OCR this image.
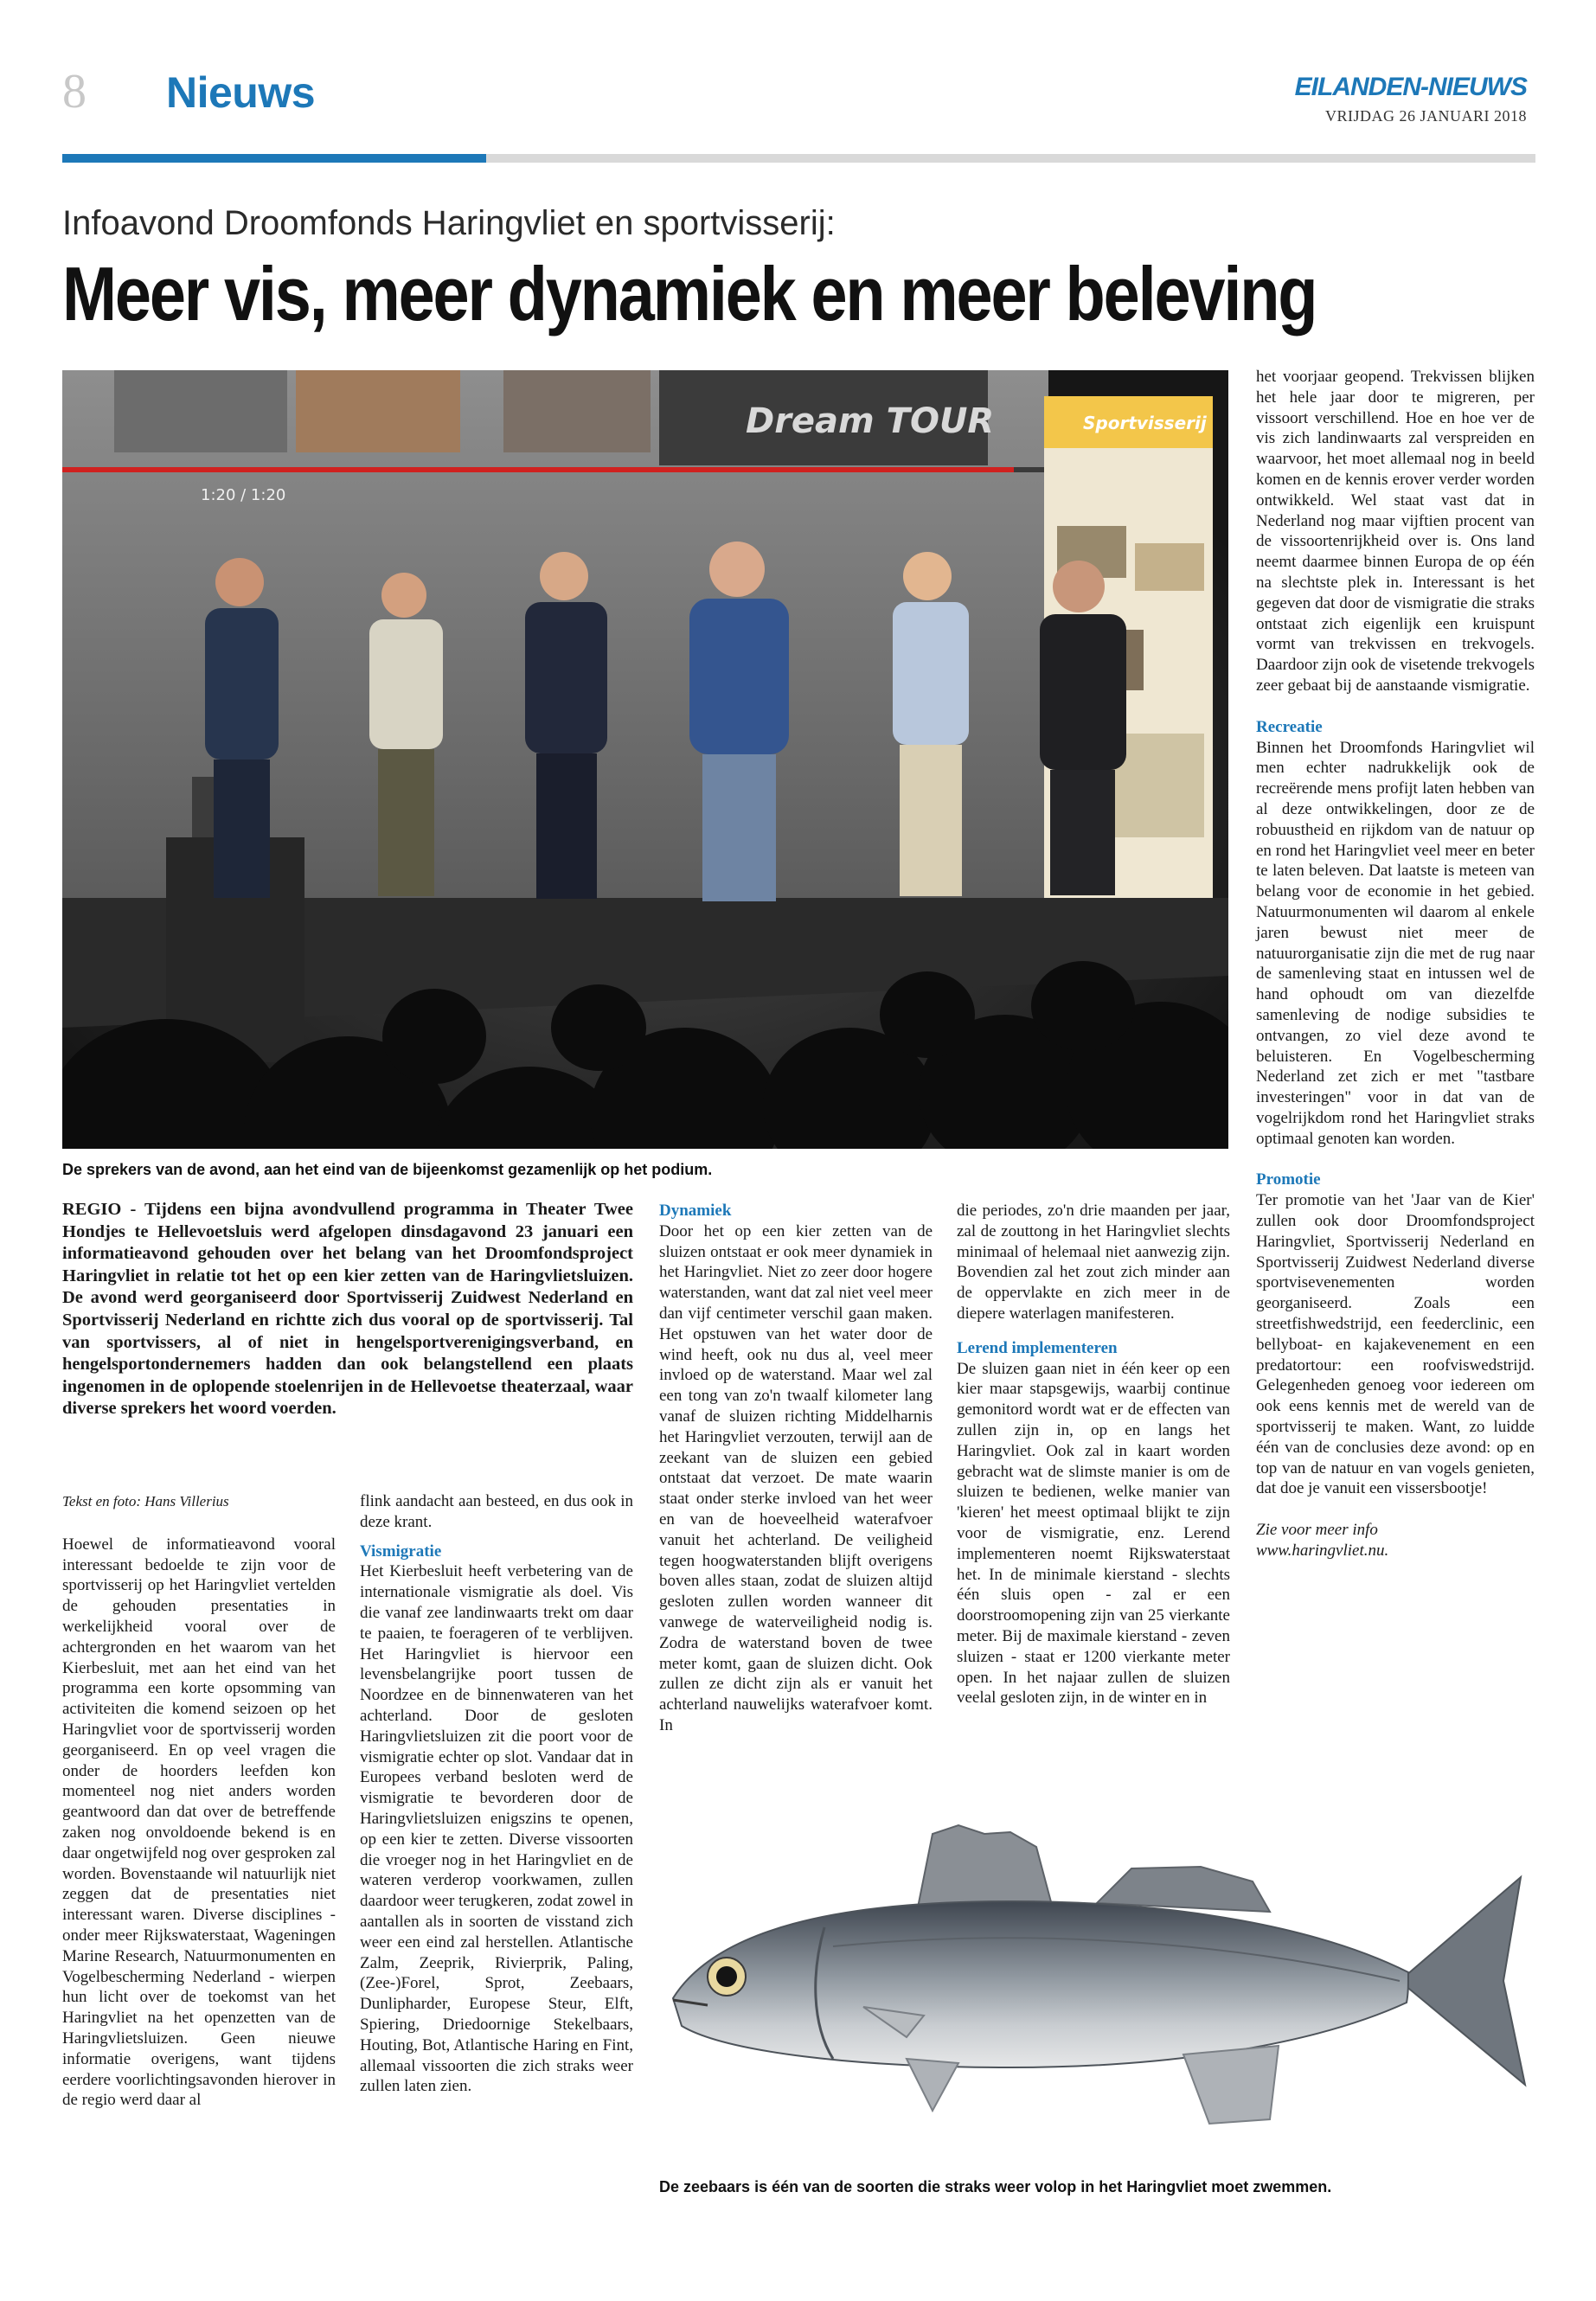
8 Nieuws	EILANDEN-NIEUWS
VRIJDAG 26 JANUARI 2018
Infoavond Droomfonds Haringvliet en sportvisserij:
Meer vis, meer dynamiek en meer beleving
Dream TOUR
1:20 / 1:20
Sportvisserij
De sprekers van de avond, aan het eind van de bijeenkomst gezamenlijk op het podium.
REGIO - Tijdens een bijna avondvullend programma in Theater Twee Hondjes te Hellevoetsluis werd afgelopen dinsdagavond 23 januari een informatieavond gehouden over het belang van het Droomfondsproject Haringvliet in relatie tot het op een kier zetten van de Haringvlietsluizen. De avond werd georganiseerd door Sportvisserij Zuidwest Nederland en Sportvisserij Nederland en richtte zich dus vooral op de sportvisserij. Tal van sportvissers, al of niet in hengelsportverenigingsverband, en hengelsportondernemers hadden dan ook belangstellend een plaats ingenomen in de oplopende stoelenrijen in de Hellevoetse theaterzaal, waar diverse sprekers het woord voerden.

Tekst en foto: Hans Villerius

Hoewel de informatieavond vooral interessant bedoelde te zijn voor de sportvisserij op het Haringvliet vertelden de gehouden presentaties in werkelijkheid vooral over de achtergronden en het waarom van het Kierbesluit, met aan het eind van het programma een korte opsomming van activiteiten die komend seizoen op het Haringvliet voor de sportvisserij worden georganiseerd. En op veel vragen die onder de hoorders leefden kon momenteel nog niet anders worden geantwoord dan dat over de betreffende zaken nog onvoldoende bekend is en daar ongetwijfeld nog over gesproken zal worden. Bovenstaande wil natuurlijk niet zeggen dat de presentaties niet interessant waren. Diverse disciplines - onder meer Rijkswaterstaat, Wageningen Marine Research, Natuurmonumenten en Vogelbescherming Nederland - wierpen hun licht over de toekomst van het Haringvliet na het openzetten van de Haringvlietsluizen. Geen nieuwe informatie overigens, want tijdens eerdere voorlichtingsavonden hierover in de regio werd daar al

flink aandacht aan besteed, en dus ook in deze krant.

Vismigratie

Het Kierbesluit heeft verbetering van de internationale vismigratie als doel. Vis die vanaf zee landinwaarts trekt om daar te paaien, te foerageren of te verblijven. Het Haringvliet is hiervoor een levensbelangrijke poort tussen de Noordzee en de binnenwateren van het achterland. Door de gesloten Haringvlietsluizen zit die poort voor de vismigratie echter op slot. Vandaar dat in Europees verband besloten werd de vismigratie te bevorderen door de Haringvlietsluizen enigszins te openen, op een kier te zetten. Diverse vissoorten die vroeger nog in het Haringvliet en de wateren verderop voorkwamen, zullen daardoor weer terugkeren, zodat zowel in aantallen als in soorten de visstand zich weer een eind zal herstellen. Atlantische Zalm, Zeeprik, Rivierprik, Paling, (Zee-)Forel, Sprot, Zeebaars, Dunlipharder, Europese Steur, Elft, Spiering, Driedoornige Stekelbaars, Houting, Bot, Atlantische Haring en Fint, allemaal vissoorten die zich straks weer zullen laten zien.

Dynamiek

Door het op een kier zetten van de sluizen ontstaat er ook meer dynamiek in het Haringvliet. Niet zo zeer door hogere waterstanden, want dat zal niet veel meer dan vijf centimeter verschil gaan maken. Het opstuwen van het water door de wind heeft, ook nu dus al, veel meer invloed op de waterstand. Maar wel zal een tong van zo'n twaalf kilometer lang vanaf de sluizen richting Middelharnis het Haringvliet verzouten, terwijl aan de zeekant van de sluizen een gebied ontstaat dat verzoet. De mate waarin staat onder sterke invloed van het weer en van de hoeveelheid waterafvoer vanuit het achterland. De veiligheid tegen hoogwaterstanden blijft overigens boven alles staan, zodat de sluizen altijd gesloten zullen worden wanneer dit vanwege de waterveiligheid nodig is. Zodra de waterstand boven de twee meter komt, gaan de sluizen dicht. Ook zullen ze dicht zijn als er vanuit het achterland nauwelijks waterafvoer komt. In

die periodes, zo'n drie maanden per jaar, zal de zouttong in het Haringvliet slechts minimaal of helemaal niet aanwezig zijn. Bovendien zal het zout zich minder aan de oppervlakte en zich meer in de diepere waterlagen manifesteren.

Lerend implementeren

De sluizen gaan niet in één keer op een kier maar stapsgewijs, waarbij continue gemonitord wordt wat er de effecten van zullen zijn in, op en langs het Haringvliet. Ook zal in kaart worden gebracht wat de slimste manier is om de sluizen te bedienen, welke manier van 'kieren' het meest optimaal blijkt te zijn voor de vismigratie, enz. Lerend implementeren noemt Rijkswaterstaat het. In de minimale kierstand - slechts één sluis open - zal er een doorstroomopening zijn van 25 vierkante meter. Bij de maximale kierstand - zeven sluizen - staat er 1200 vierkante meter open. In het najaar zullen de sluizen veelal gesloten zijn, in de winter en in

het voorjaar geopend. Trekvissen blijken het hele jaar door te migreren, per vissoort verschillend. Hoe en hoe ver de vis zich landinwaarts zal verspreiden en waarvoor, het moet allemaal nog in beeld komen en de kennis erover verder worden ontwikkeld. Wel staat vast dat in Nederland nog maar vijftien procent van de vissoortenrijkheid over is. Ons land neemt daarmee binnen Europa de op één na slechtste plek in. Interessant is het gegeven dat door de vismigratie die straks ontstaat zich eigenlijk een kruispunt vormt van trekvissen en trekvogels. Daardoor zijn ook de visetende trekvogels zeer gebaat bij de aanstaande vismigratie.

Recreatie

Binnen het Droomfonds Haringvliet wil men echter nadrukkelijk ook de recreërende mens profijt laten hebben van al deze ontwikkelingen, door ze de robuustheid en rijkdom van de natuur op en rond het Haringvliet veel meer en beter te laten beleven. Dat laatste is meteen van belang voor de economie in het gebied. Natuurmonumenten wil daarom al enkele jaren bewust niet meer de natuurorganisatie zijn die met de rug naar de samenleving staat en intussen wel de hand ophoudt om van diezelfde samenleving de nodige subsidies te ontvangen, zo viel deze avond te beluisteren. En Vogelbescherming Nederland zet zich er met "tastbare investeringen" voor in dat van de vogelrijkdom rond het Haringvliet straks optimaal genoten kan worden.

Promotie

Ter promotie van het 'Jaar van de Kier' zullen ook door Droomfondsproject Haringvliet, Sportvisserij Nederland en Sportvisserij Zuidwest Nederland diverse sportvisevenementen worden georganiseerd. Zoals een streetfishwedstrijd, een feederclinic, een bellyboat- en kajakevenement en een predatortour: een roofviswedstrijd. Gelegenheden genoeg voor iedereen om ook eens kennis met de wereld van de sportvisserij te maken. Want, zo luidde één van de conclusies deze avond: op en top van de natuur en van vogels genieten, dat doe je vanuit een vissersbootje!

Zie voor meer info

www.haringvliet.nu.

De zeebaars is één van de soorten die straks weer volop in het Haringvliet moet zwemmen.
